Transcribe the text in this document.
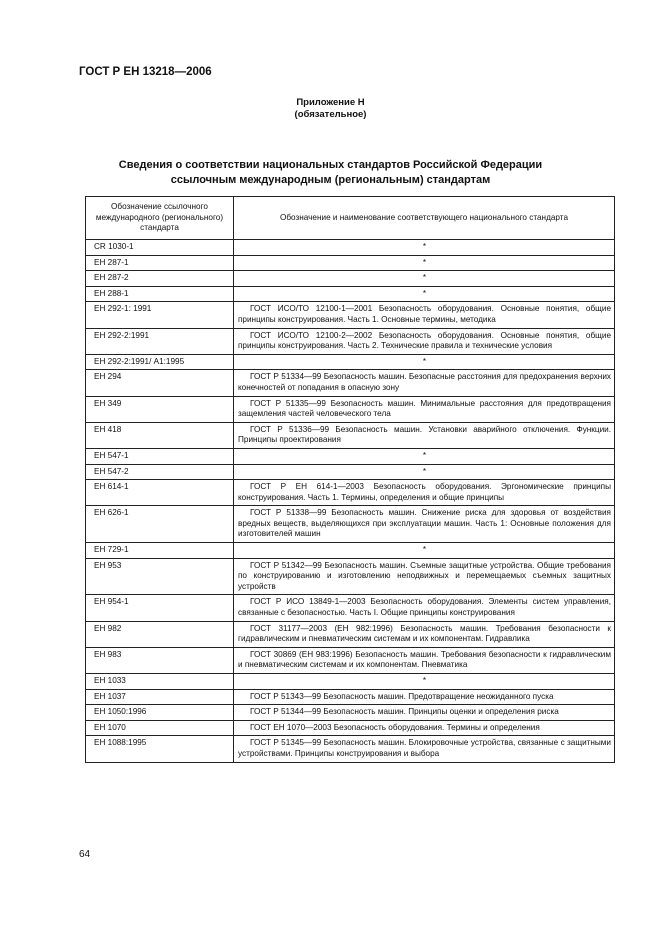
ГОСТ Р ЕН 13218—2006
Приложение Н
(обязательное)
Сведения о соответствии национальных стандартов Российской Федерации
ссылочным международным (региональным) стандартам
Обозначение ссылочного международного (регионального) стандарта	Обозначение и наименование соответствующего национального стандарта
CR 1030-1	*
ЕН 287-1	*
ЕН 287-2	*
ЕН 288-1	*
ЕН 292-1: 1991	ГОСТ ИСО/ТО 12100-1—2001 Безопасность оборудования. Основные понятия, общие принципы конструирования. Часть 1. Основные термины, методика

ЕН 292-2:1991	ГОСТ ИСО/ТО 12100-2—2002 Безопасность оборудования. Основные понятия, общие принципы конструирования. Часть 2. Технические правила и технические условия

ЕН 292-2:1991/ А1:1995	*
ЕН 294	ГОСТ Р 51334—99 Безопасность машин. Безопасные расстояния для предохранения верхних конечностей от попадания в опасную зону

ЕН 349	ГОСТ Р 51335—99 Безопасность машин. Минимальные расстояния для предотвращения защемления частей человеческого тела

ЕН 418	ГОСТ Р 51336—99 Безопасность машин. Установки аварийного отключения. Функции. Принципы проектирования

ЕН 547-1	*
ЕН 547-2	*
ЕН 614-1	ГОСТ Р ЕН 614-1—2003 Безопасность оборудования. Эргономические принципы конструирования. Часть 1. Термины, определения и общие принципы

ЕН 626-1	ГОСТ Р 51338—99 Безопасность машин. Снижение риска для здоровья от воздействия вредных веществ, выделяющихся при эксплуатации машин. Часть 1: Основные положения для изготовителей машин

ЕН 729-1	*
ЕН 953	ГОСТ Р 51342—99 Безопасность машин. Съемные защитные устройства. Общие требования по конструированию и изготовлению неподвижных и перемещаемых съемных защитных устройств

ЕН 954-1	ГОСТ Р ИСО 13849-1—2003 Безопасность оборудования. Элементы систем управления, связанные с безопасностью. Часть I. Общие принципы конструирования

ЕН 982	ГОСТ 31177—2003 (ЕН 982:1996) Безопасность машин. Требования безопасности к гидравлическим и пневматическим системам и их компонентам. Гидравлика

ЕН 983	ГОСТ 30869 (ЕН 983:1996) Безопасность машин. Требования безопасности к гидравлическим и пневматическим системам и их компонентам. Пневматика

ЕН 1033	*
ЕН 1037	ГОСТ Р 51343—99 Безопасность машин. Предотвращение неожиданного пуска

ЕН 1050:1996	ГОСТ Р 51344—99 Безопасность машин. Принципы оценки и определения риска

ЕН 1070	ГОСТ ЕН 1070—2003 Безопасность оборудования. Термины и определения

ЕН 1088:1995	ГОСТ Р 51345—99 Безопасность машин. Блокировочные устройства, связанные с защитными устройствами. Принципы конструирования и выбора
64
